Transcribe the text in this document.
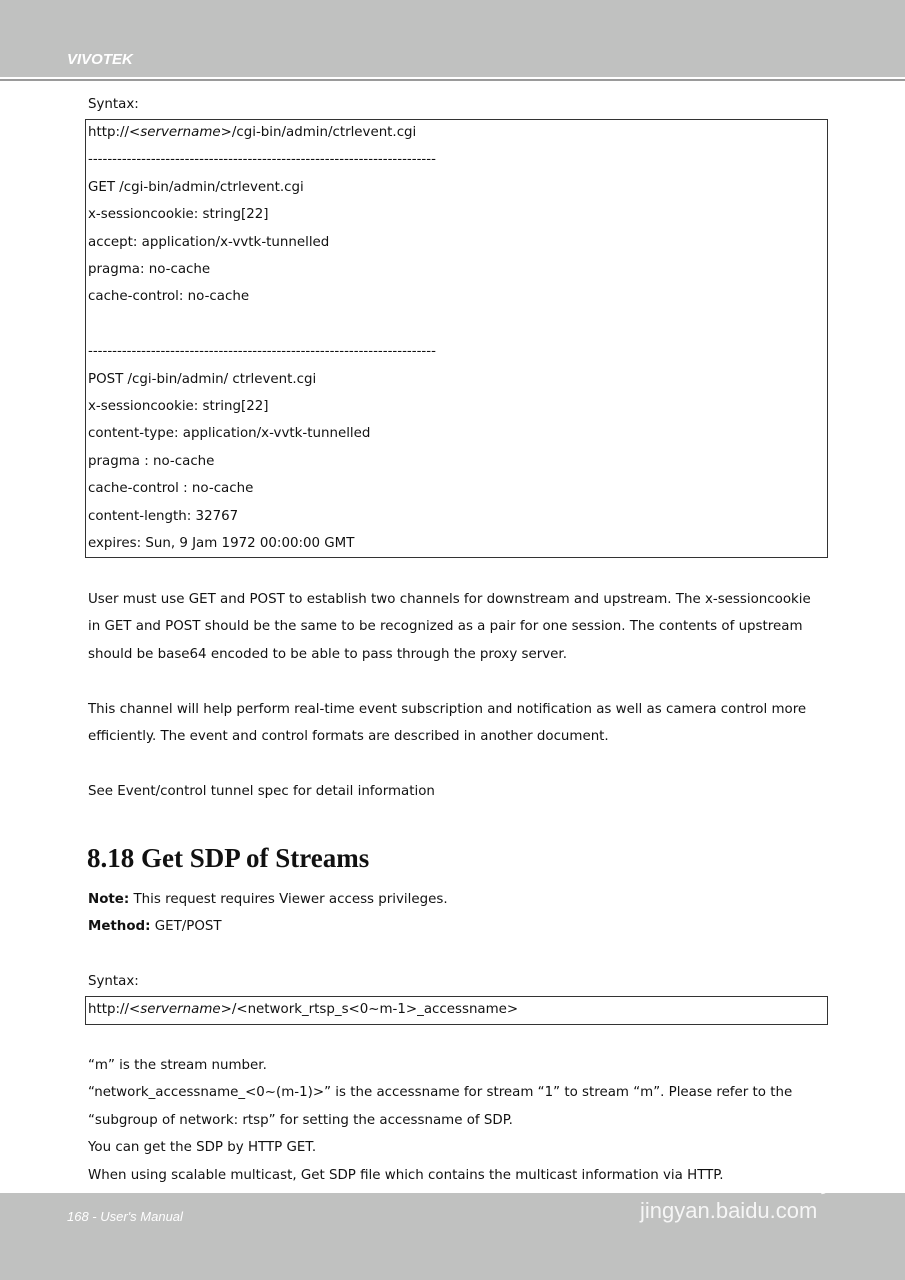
VIVOTEK
Syntax:
http://<servername>/cgi-bin/admin/ctrlevent.cgi
------------------------------------------------------------------------
GET /cgi-bin/admin/ctrlevent.cgi
x-sessioncookie: string[22]
accept: application/x-vvtk-tunnelled
pragma: no-cache
cache-control: no-cache
------------------------------------------------------------------------
POST /cgi-bin/admin/ ctrlevent.cgi
x-sessioncookie: string[22]
content-type: application/x-vvtk-tunnelled
pragma : no-cache
cache-control : no-cache
content-length: 32767
expires: Sun, 9 Jam 1972 00:00:00 GMT
8.18 Get SDP of Streams
Note: This request requires Viewer access privileges.
Method: GET/POST
Syntax:
http://<servername>/<network_rtsp_s<0~m-1>_accessname>
168 - User's Manual
Bai du 经验
jingyan.baidu.com
User must use GET and POST to establish two channels for downstream and upstream. The x-sessioncookie
in GET and POST should be the same to be recognized as a pair for one session. The contents of upstream
should be base64 encoded to be able to pass through the proxy server.
This channel will help perform real-time event subscription and notification as well as camera control more
efficiently. The event and control formats are described in another document.
See Event/control tunnel spec for detail information
“m” is the stream number.
“network_accessname_<0~(m-1)>” is the accessname for stream “1” to stream “m”. Please refer to the
“subgroup of network: rtsp” for setting the accessname of SDP.
You can get the SDP by HTTP GET.
When using scalable multicast, Get SDP file which contains the multicast information via HTTP.
